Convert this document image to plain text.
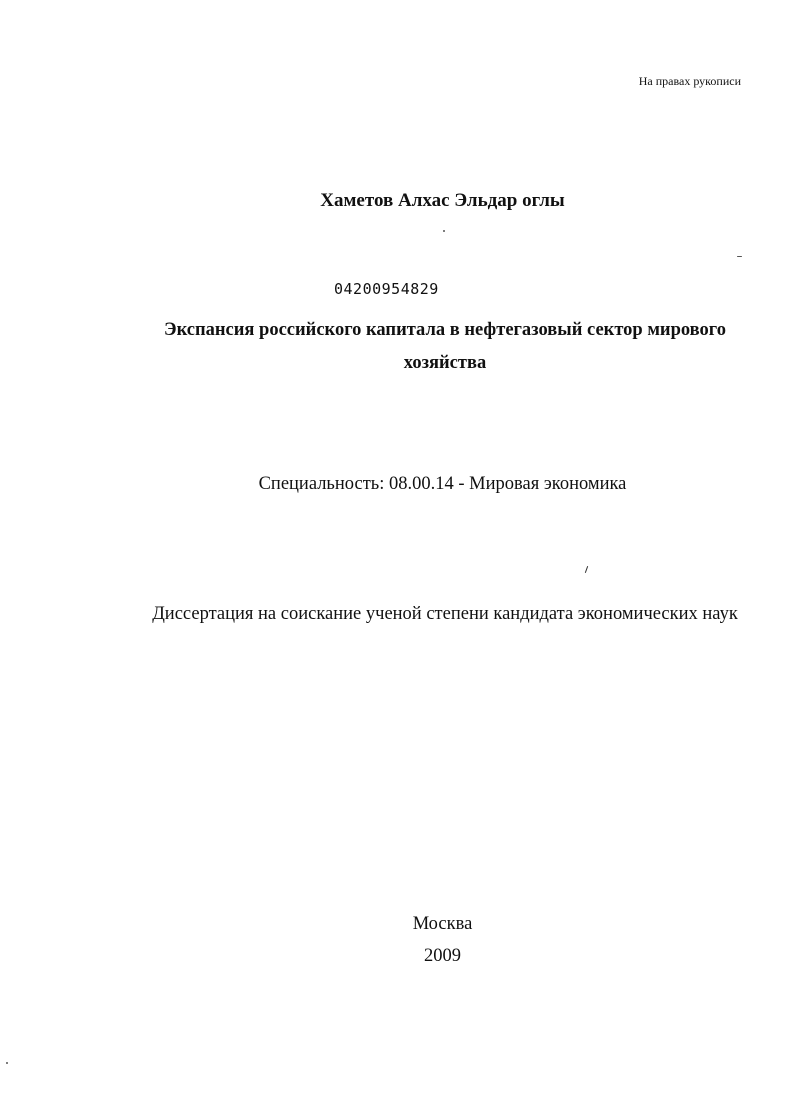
На правах рукописи
Хаметов Алхас Эльдар оглы
04200954829
Экспансия российского капитала в нефтегазовый сектор мирового хозяйства
Специальность: 08.00.14 - Мировая экономика
Диссертация на соискание ученой степени кандидата экономических наук
Москва
2009
